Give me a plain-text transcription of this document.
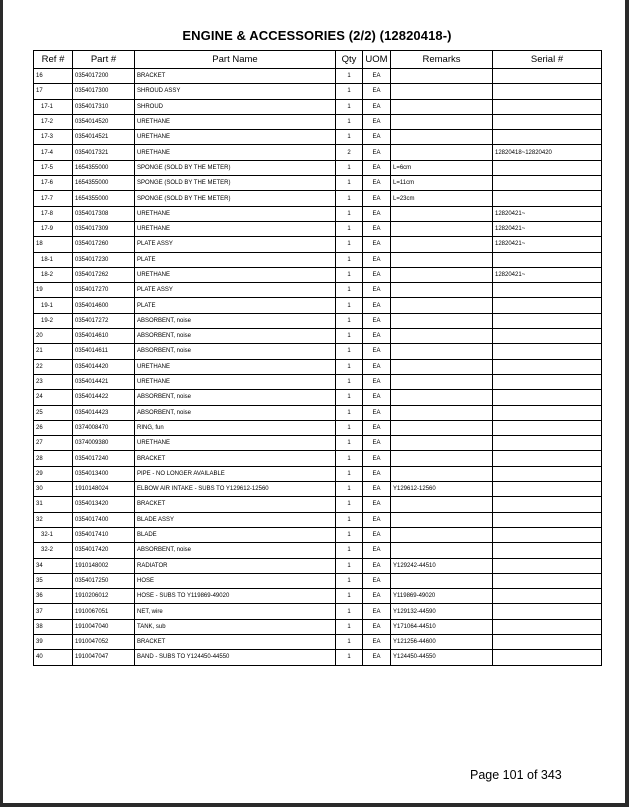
ENGINE & ACCESSORIES (2/2) (12820418-)
Ref #	Part #	Part Name	Qty	UOM	Remarks	Serial #
16	0354017200	BRACKET	1	EA		
17	0354017300	SHROUD ASSY	1	EA		
17-1	0354017310	SHROUD	1	EA		
17-2	0354014520	URETHANE	1	EA		
17-3	0354014521	URETHANE	1	EA		
17-4	0354017321	URETHANE	2	EA		12820418~12820420
17-5	1654355000	SPONGE (SOLD BY THE METER)	1	EA	L=6cm	
17-6	1654355000	SPONGE (SOLD BY THE METER)	1	EA	L=11cm	
17-7	1654355000	SPONGE (SOLD BY THE METER)	1	EA	L=23cm	
17-8	0354017308	URETHANE	1	EA		12820421~
17-9	0354017309	URETHANE	1	EA		12820421~
18	0354017260	PLATE ASSY	1	EA		12820421~
18-1	0354017230	PLATE	1	EA		
18-2	0354017262	URETHANE	1	EA		12820421~
19	0354017270	PLATE ASSY	1	EA		
19-1	0354014600	PLATE	1	EA		
19-2	0354017272	ABSORBENT, noise	1	EA		
20	0354014610	ABSORBENT, noise	1	EA		
21	0354014611	ABSORBENT, noise	1	EA		
22	0354014420	URETHANE	1	EA		
23	0354014421	URETHANE	1	EA		
24	0354014422	ABSORBENT, noise	1	EA		
25	0354014423	ABSORBENT, noise	1	EA		
26	0374008470	RING, fun	1	EA		
27	0374009380	URETHANE	1	EA		
28	0354017240	BRACKET	1	EA		
29	0354013400	PIPE - NO LONGER AVAILABLE	1	EA		
30	1910148024	ELBOW AIR INTAKE - SUBS TO Y129612-12560	1	EA	Y129612-12560	
31	0354013420	BRACKET	1	EA		
32	0354017400	BLADE ASSY	1	EA		
32-1	0354017410	BLADE	1	EA		
32-2	0354017420	ABSORBENT, noise	1	EA		
34	1910148002	RADIATOR	1	EA	Y129242-44510	
35	0354017250	HOSE	1	EA		
36	1910206012	HOSE - SUBS TO Y119869-49020	1	EA	Y119869-49020	
37	1910067051	NET, wire	1	EA	Y129132-44590	
38	1910047040	TANK, sub	1	EA	Y171064-44510	
39	1910047052	BRACKET	1	EA	Y121256-44600	
40	1910047047	BAND - SUBS TO Y124450-44550	1	EA	Y124450-44550	
Page 101 of 343
